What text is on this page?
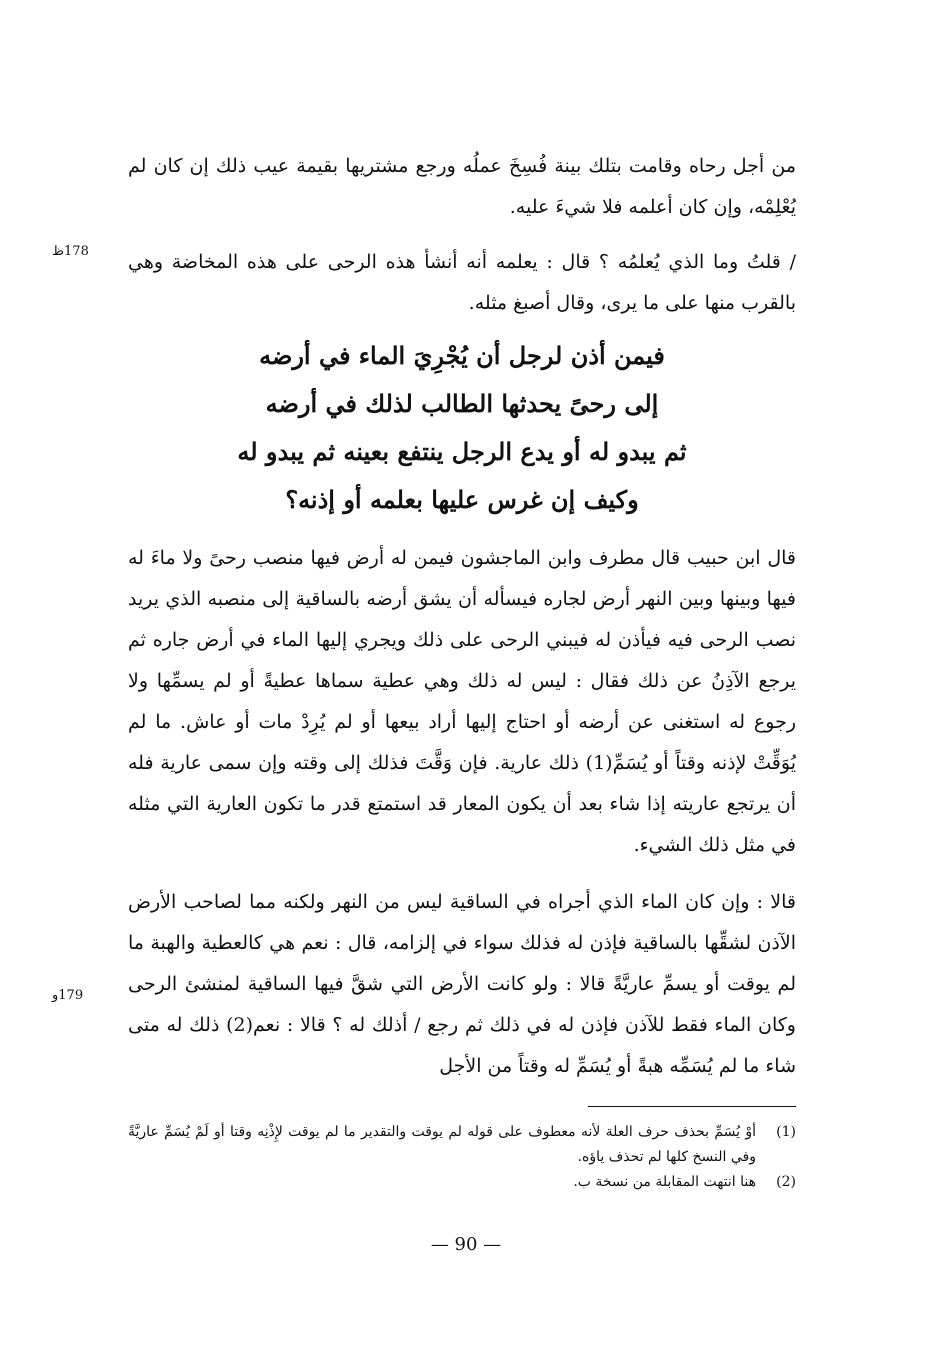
من أجل رحاه وقامت بتلك بينة فُسِخَ عملُه ورجع مشتريها بقيمة عيب ذلك إن كان لم يُعْلِمْه، وإن كان أعلمه فلا شيءَ عليه.
178ظ	/ قلتُ وما الذي يُعلمُه ؟ قال : يعلمه أنه أنشأ هذه الرحى على هذه المخاضة وهي بالقرب منها على ما يرى، وقال أصبغ مثله.
فيمن أذن لرجل أن يُجْرِيَ الماء في أرضه
إلى رحىً يحدثها الطالب لذلك في أرضه
ثم يبدو له أو يدع الرجل ينتفع بعينه ثم يبدو له
وكيف إن غرس عليها بعلمه أو إذنه؟
قال ابن حبيب قال مطرف وابن الماجشون فيمن له أرض فيها منصب رحىً ولا ماءَ له فيها وبينها وبين النهر أرض لجاره فيسأله أن يشق أرضه بالساقية إلى منصبه الذي يريد نصب الرحى فيه فيأذن له فيبني الرحى على ذلك ويجري إليها الماء في أرض جاره ثم يرجع الآذِنُ عن ذلك فقال : ليس له ذلك وهي عطية سماها عطيةً أو لم يسمِّها ولا رجوع له استغنى عن أرضه أو احتاج إليها أراد بيعها أو لم يُرِدْ مات أو عاش. ما لم يُوَقِّتْ لإذنه وقتاً أو يُسَمِّ(1) ذلك عارية. فإن وَقَّتَ فذلك إلى وقته وإن سمى عارية فله أن يرتجع عاريته إذا شاء بعد أن يكون المعار قد استمتع قدر ما تكون العارية التي مثله في مثل ذلك الشيء.
179و
قالا : وإن كان الماء الذي أجراه في الساقية ليس من النهر ولكنه مما لصاحب الأرض الآذن لشقِّها بالساقية فإذن له فذلك سواء في إلزامه، قال : نعم هي كالعطية والهبة ما لم يوقت أو يسمِّ عاريَّةً قالا : ولو كانت الأرض التي شقَّ فيها الساقية لمنشئ الرحى وكان الماء فقط للآذن فإذن له في ذلك ثم رجع / أذلك له ؟ قالا : نعم(2) ذلك له متى شاء ما لم يُسَمِّه هبةً أو يُسَمِّ له وقتاً من الأجل
(1)
أوْ يُسَمِّ بحذف حرف العلة لأنه معطوف على قوله لم يوقت والتقدير ما لم يوقت لإِذْنِه وقتا أو لَمْ يُسَمِّ عاريَّةً وفي النسخ كلها لم تحذف ياؤه.
(2)
هنا انتهت المقابلة من نسخة ب.
— 90 —
